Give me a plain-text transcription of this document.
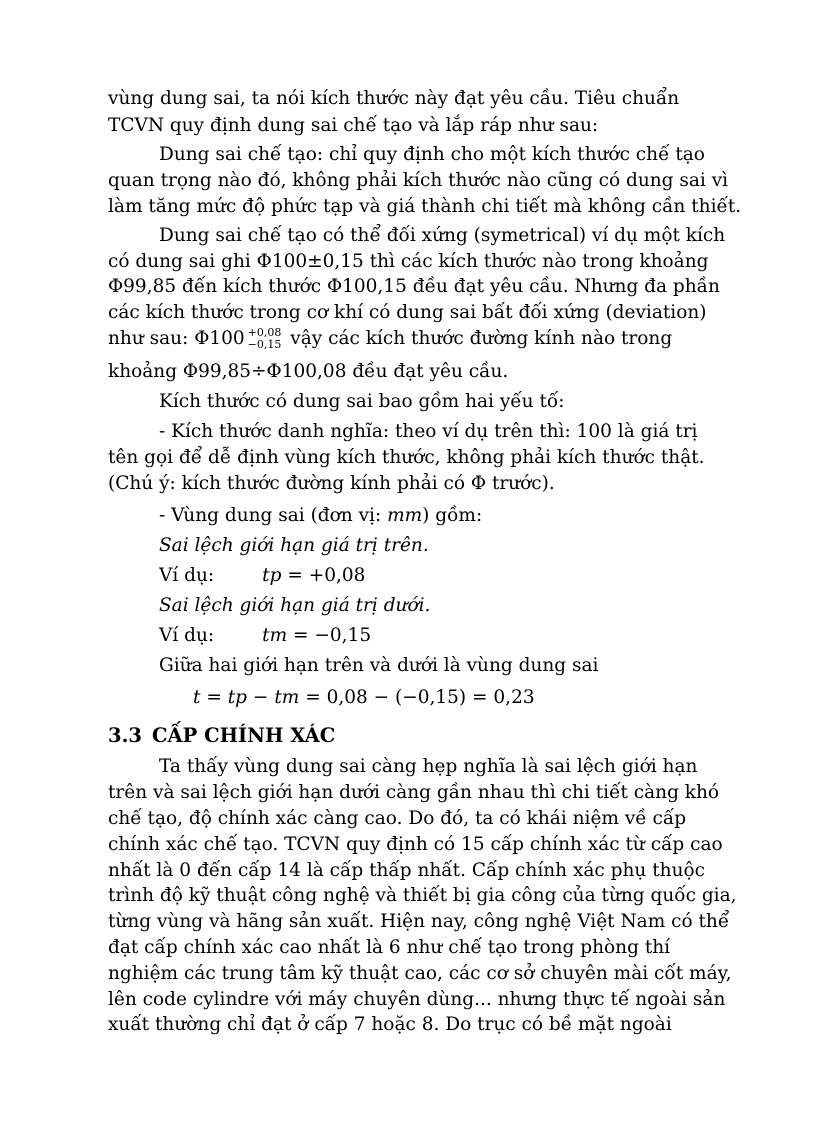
vùng dung sai, ta nói kích thước này đạt yêu cầu. Tiêu chuẩn
TCVN quy định dung sai chế tạo và lắp ráp như sau:
Dung sai chế tạo: chỉ quy định cho một kích thước chế tạo
quan trọng nào đó, không phải kích thước nào cũng có dung sai vì
làm tăng mức độ phức tạp và giá thành chi tiết mà không cần thiết.
Dung sai chế tạo có thể đối xứng (symetrical) ví dụ một kích
có dung sai ghi Φ100±0,15 thì các kích thước nào trong khoảng
Φ99,85 đến kích thước Φ100,15 đều đạt yêu cầu. Nhưng đa phần
các kích thước trong cơ khí có dung sai bất đối xứng (deviation)
như sau: Φ100 +0,08
−0,15 vậy các kích thước đường kính nào trong
khoảng Φ99,85÷Φ100,08 đều đạt yêu cầu.
Kích thước có dung sai bao gồm hai yếu tố:
- Kích thước danh nghĩa: theo ví dụ trên thì: 100 là giá trị
tên gọi để dễ định vùng kích thước, không phải kích thước thật.
(Chú ý: kích thước đường kính phải có Φ trước).
- Vùng dung sai (đơn vị: mm) gồm:
Sai lệch giới hạn giá trị trên.
Ví dụ:	tp = +0,08
Sai lệch giới hạn giá trị dưới.
Ví dụ:	tm = −0,15
Giữa hai giới hạn trên và dưới là vùng dung sai
t = tp − tm = 0,08 − (−0,15) = 0,23
3.3 CẤP CHÍNH XÁC
Ta thấy vùng dung sai càng hẹp nghĩa là sai lệch giới hạn
trên và sai lệch giới hạn dưới càng gần nhau thì chi tiết càng khó
chế tạo, độ chính xác càng cao. Do đó, ta có khái niệm về cấp
chính xác chế tạo. TCVN quy định có 15 cấp chính xác từ cấp cao
nhất là 0 đến cấp 14 là cấp thấp nhất. Cấp chính xác phụ thuộc
trình độ kỹ thuật công nghệ và thiết bị gia công của từng quốc gia,
từng vùng và hãng sản xuất. Hiện nay, công nghệ Việt Nam có thể
đạt cấp chính xác cao nhất là 6 như chế tạo trong phòng thí
nghiệm các trung tâm kỹ thuật cao, các cơ sở chuyên mài cốt máy,
lên code cylindre với máy chuyên dùng... nhưng thực tế ngoài sản
xuất thường chỉ đạt ở cấp 7 hoặc 8. Do trục có bề mặt ngoài
